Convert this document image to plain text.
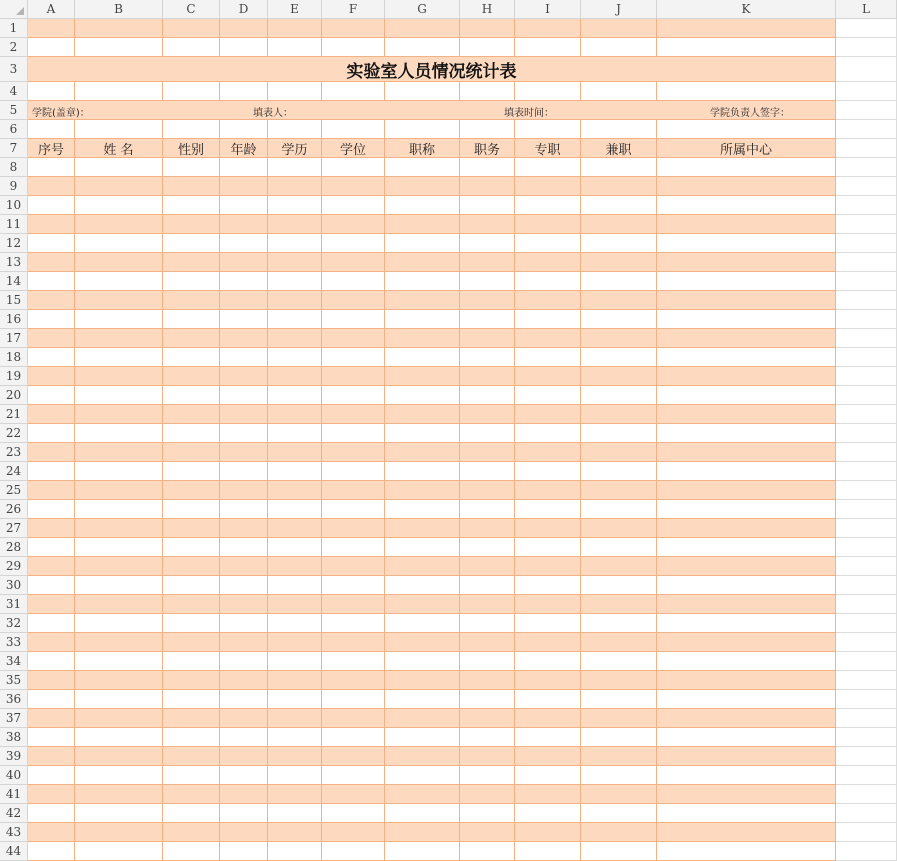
A	B	C	D	E	F	G	H	I	J	K	L
1
2
3
4
5
6
7
8
9
10
11
12
13
14
15
16
17
18
19
20
21
22
23
24
25
26
27
28
29
30
31
32
33
34
35
36
37
38
39
40
41
42
43
44
实验室人员情况统计表
序号	姓 名	性别	年龄	学历	学位	职称	职务	专职	兼职	所属中心
学院(盖章)：	填表人：	填表时间：	学院负责人签字：
